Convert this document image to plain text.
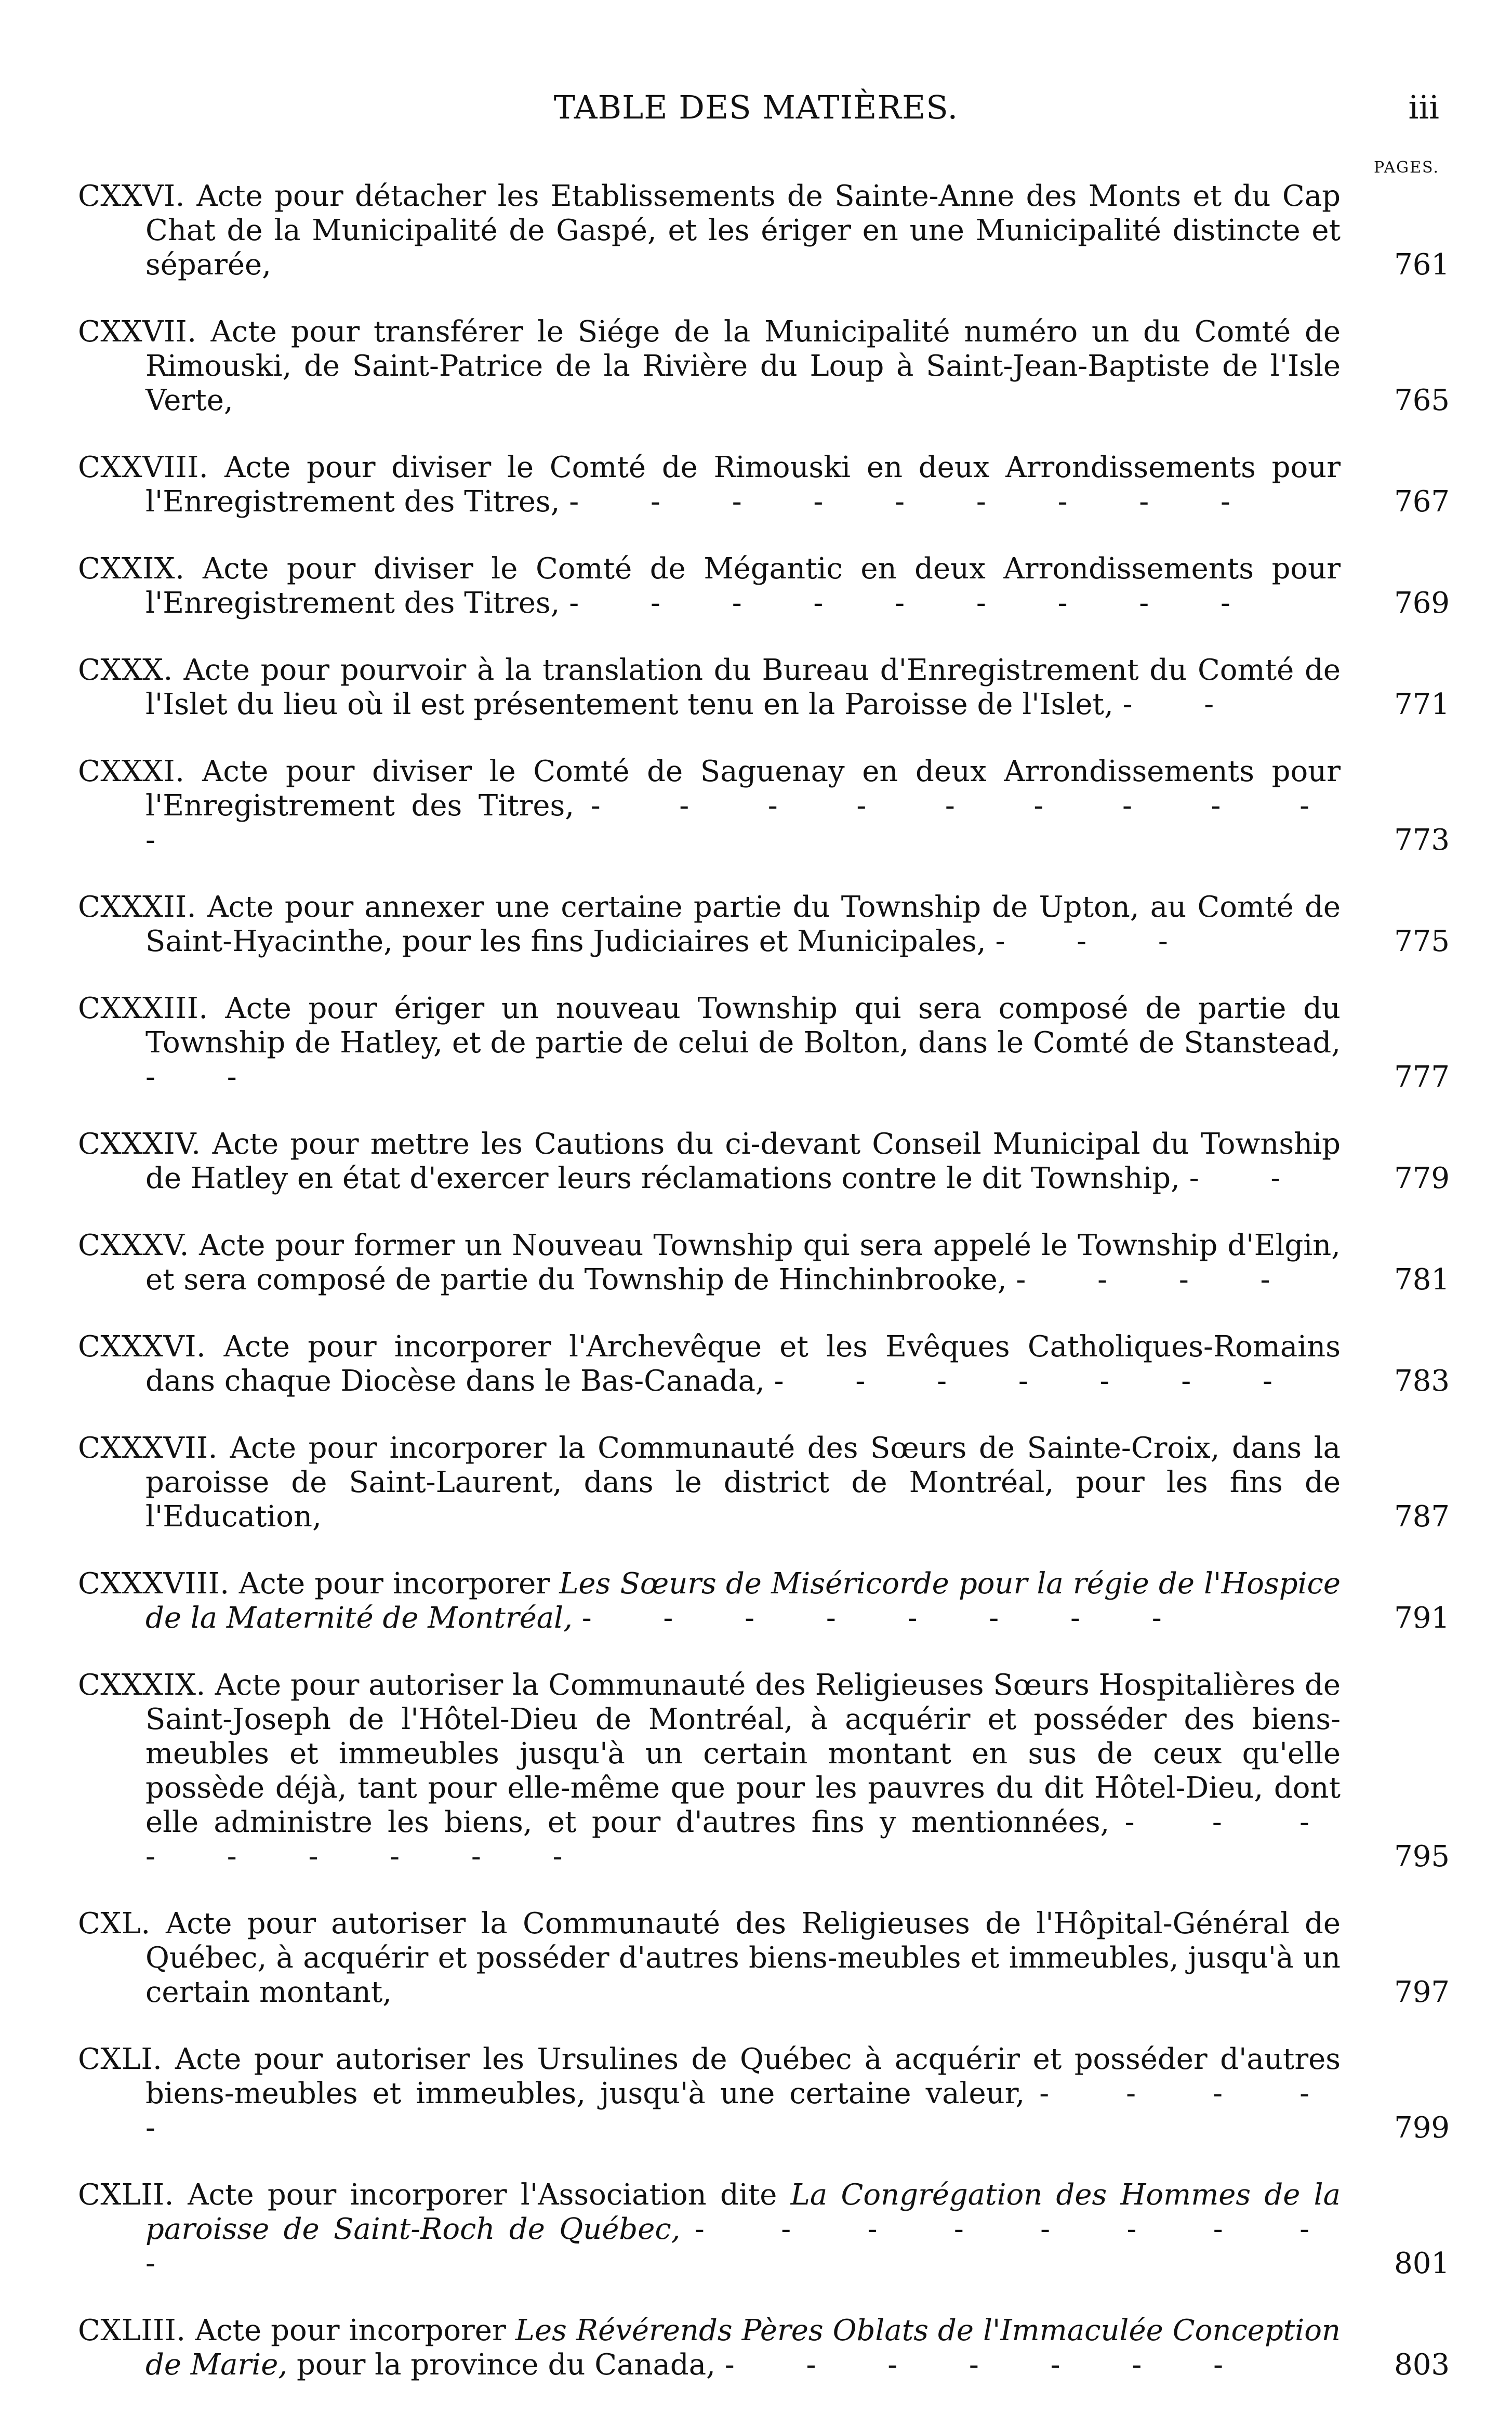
TABLE DES MATIÈRES.	iii
PAGES.
CXXVI. Acte pour détacher les Etablissements de Sainte-Anne des Monts et du Cap Chat de la Municipalité de Gaspé, et les ériger en une Municipalité distincte et séparée,	761
CXXVII. Acte pour transférer le Siége de la Municipalité numéro un du Comté de Rimouski, de Saint-Patrice de la Rivière du Loup à Saint-Jean-Baptiste de l'Isle Verte,	765
CXXVIII. Acte pour diviser le Comté de Rimouski en deux Arrondissements pour l'Enregistrement des Titres, - - - - - - - - -	767
CXXIX. Acte pour diviser le Comté de Mégantic en deux Arrondissements pour l'Enregistrement des Titres, - - - - - - - - -	769
CXXX. Acte pour pourvoir à la translation du Bureau d'Enregistrement du Comté de l'Islet du lieu où il est présentement tenu en la Paroisse de l'Islet, - -	771
CXXXI. Acte pour diviser le Comté de Saguenay en deux Arrondissements pour l'Enregistrement des Titres, - - - - - - - - - -	773
CXXXII. Acte pour annexer une certaine partie du Township de Upton, au Comté de Saint-Hyacinthe, pour les fins Judiciaires et Municipales, - - -	775
CXXXIII. Acte pour ériger un nouveau Township qui sera composé de partie du Township de Hatley, et de partie de celui de Bolton, dans le Comté de Stanstead, - -	777
CXXXIV. Acte pour mettre les Cautions du ci-devant Conseil Municipal du Township de Hatley en état d'exercer leurs réclamations contre le dit Township, - -	779
CXXXV. Acte pour former un Nouveau Township qui sera appelé le Township d'Elgin, et sera composé de partie du Township de Hinchinbrooke, - - - -	781
CXXXVI. Acte pour incorporer l'Archevêque et les Evêques Catholiques-Romains dans chaque Diocèse dans le Bas-Canada, - - - - - - -	783
CXXXVII. Acte pour incorporer la Communauté des Sœurs de Sainte-Croix, dans la paroisse de Saint-Laurent, dans le district de Montréal, pour les fins de l'Education,	787
CXXXVIII. Acte pour incorporer Les Sœurs de Miséricorde pour la régie de l'Hospice de la Maternité de Montréal, - - - - - - - -	791
CXXXIX. Acte pour autoriser la Communauté des Religieuses Sœurs Hospitalières de Saint-Joseph de l'Hôtel-Dieu de Montréal, à acquérir et posséder des biens-meubles et immeubles jusqu'à un certain montant en sus de ceux qu'elle possède déjà, tant pour elle-même que pour les pauvres du dit Hôtel-Dieu, dont elle administre les biens, et pour d'autres fins y mentionnées, - - - - - - - - -	795
CXL. Acte pour autoriser la Communauté des Religieuses de l'Hôpital-Général de Québec, à acquérir et posséder d'autres biens-meubles et immeubles, jusqu'à un certain montant,	797
CXLI. Acte pour autoriser les Ursulines de Québec à acquérir et posséder d'autres biens-meubles et immeubles, jusqu'à une certaine valeur, - - - - -	799
CXLII. Acte pour incorporer l'Association dite La Congrégation des Hommes de la paroisse de Saint-Roch de Québec, - - - - - - - - -	801
CXLIII. Acte pour incorporer Les Révérends Pères Oblats de l'Immaculée Conception de Marie, pour la province du Canada, - - - - - - -	803
